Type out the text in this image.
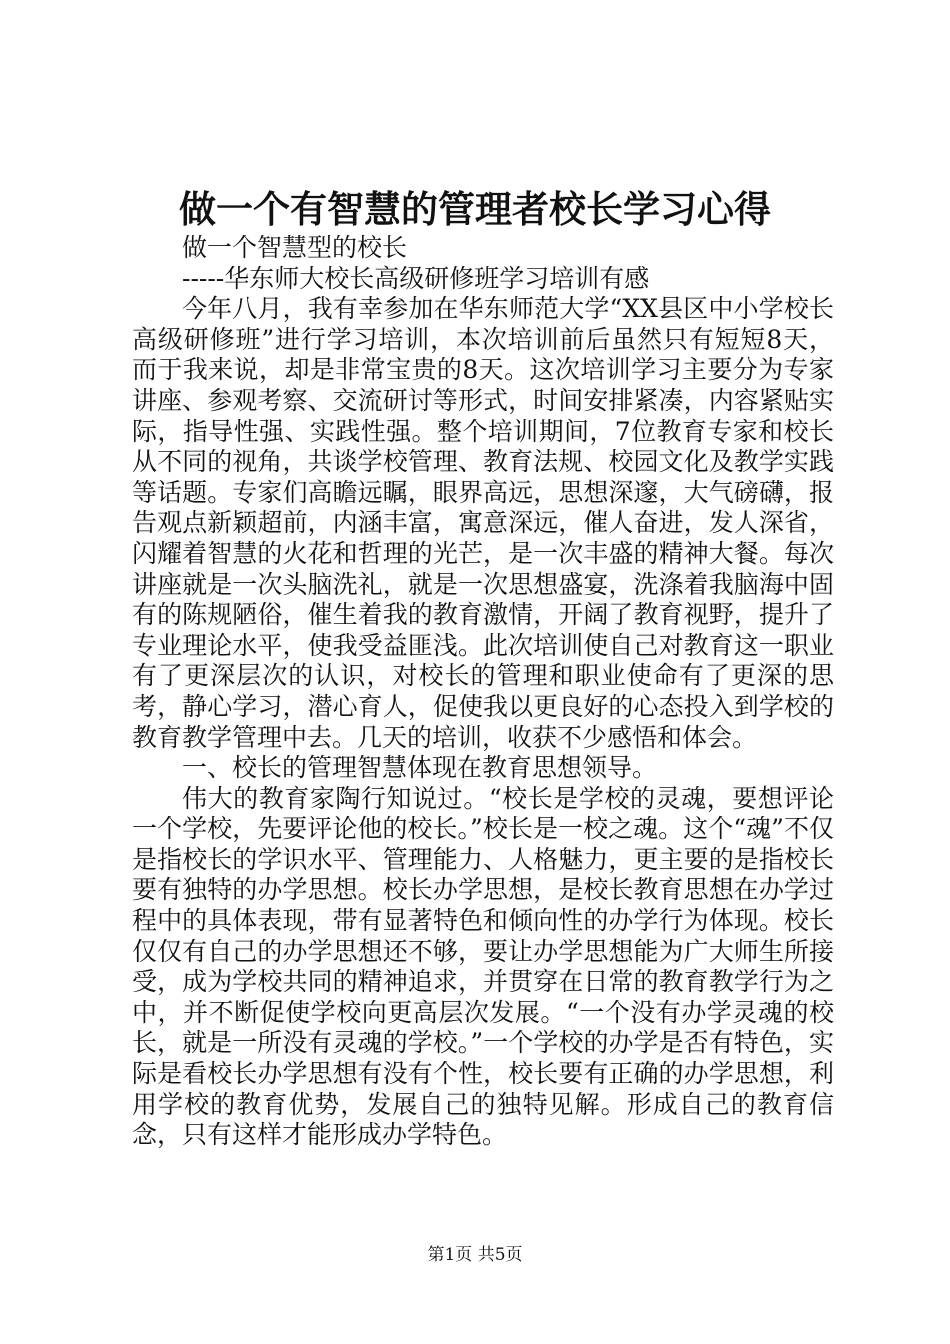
做一个有智慧的管理者校长学习心得

做一个智慧型的校长

-----华东师大校长高级研修班学习培训有感

今年八月，我有幸参加在华东师范大学“XX县区中小学校长高级研修班”进行学习培训，本次培训前后虽然只有短短8天，而于我来说，却是非常宝贵的8天。这次培训学习主要分为专家讲座、参观考察、交流研讨等形式，时间安排紧凑，内容紧贴实际，指导性强、实践性强。整个培训期间，7位教育专家和校长从不同的视角，共谈学校管理、教育法规、校园文化及教学实践等话题。专家们高瞻远瞩，眼界高远，思想深邃，大气磅礴，报告观点新颖超前，内涵丰富，寓意深远，催人奋进，发人深省，闪耀着智慧的火花和哲理的光芒，是一次丰盛的精神大餐。每次讲座就是一次头脑洗礼，就是一次思想盛宴，洗涤着我脑海中固有的陈规陋俗，催生着我的教育激情，开阔了教育视野，提升了专业理论水平，使我受益匪浅。此次培训使自己对教育这一职业有了更深层次的认识，对校长的管理和职业使命有了更深的思考，静心学习，潜心育人，促使我以更良好的心态投入到学校的教育教学管理中去。几天的培训，收获不少感悟和体会。

一、校长的管理智慧体现在教育思想领导。

伟大的教育家陶行知说过。“校长是学校的灵魂，要想评论一个学校，先要评论他的校长。”校长是一校之魂。这个“魂”不仅是指校长的学识水平、管理能力、人格魅力，更主要的是指校长要有独特的办学思想。校长办学思想，是校长教育思想在办学过程中的具体表现，带有显著特色和倾向性的办学行为体现。校长仅仅有自己的办学思想还不够，要让办学思想能为广大师生所接受，成为学校共同的精神追求，并贯穿在日常的教育教学行为之中，并不断促使学校向更高层次发展。“一个没有办学灵魂的校长，就是一所没有灵魂的学校。”一个学校的办学是否有特色，实际是看校长办学思想有没有个性，校长要有正确的办学思想，利用学校的教育优势，发展自己的独特见解。形成自己的教育信念，只有这样才能形成办学特色。

第1页 共5页
